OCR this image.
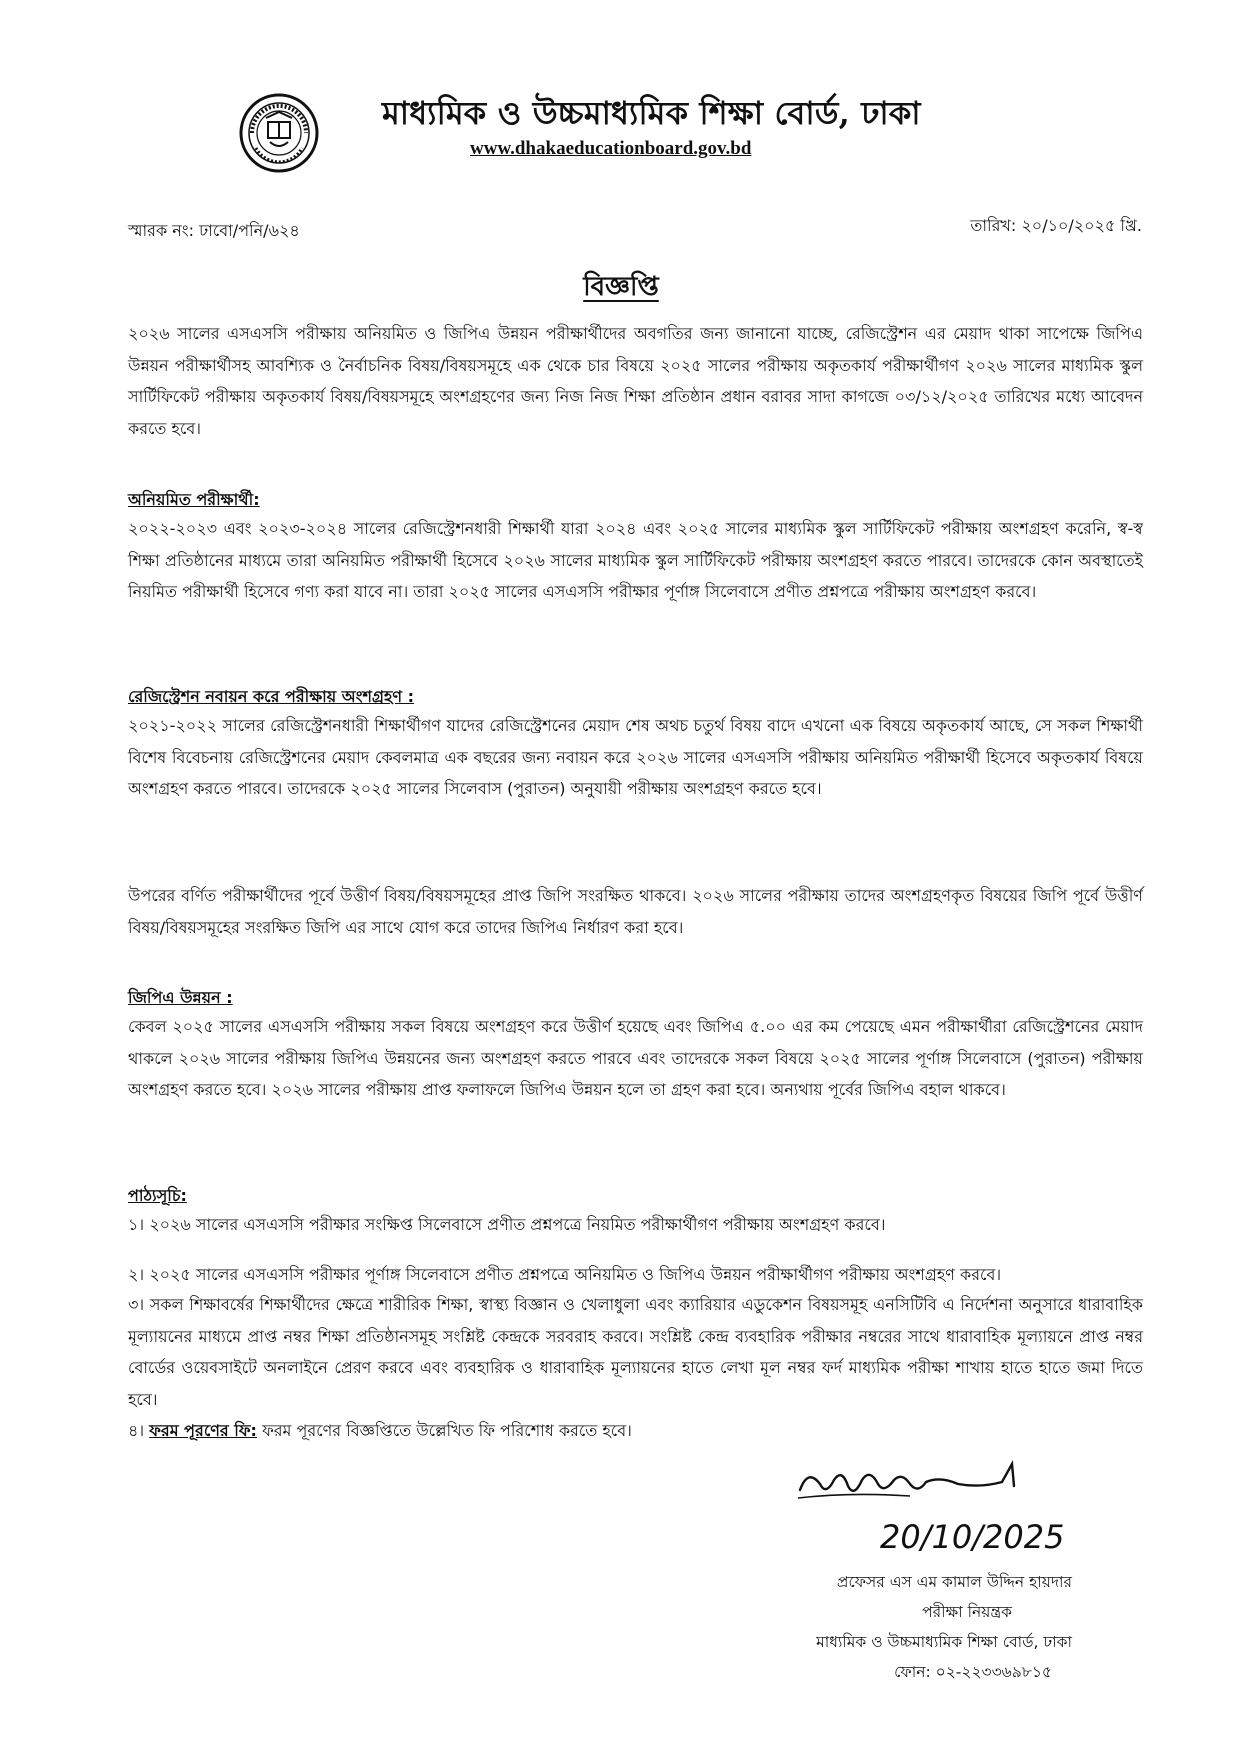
মাধ্যমিক ও উচ্চমাধ্যমিক শিক্ষা বোর্ড, ঢাকা
www.dhakaeducationboard.gov.bd
স্মারক নং: ঢাবো/পনি/৬২৪	তারিখ: ২০/১০/২০২৫ খ্রি.
বিজ্ঞপ্তি

২০২৬ সালের এসএসসি পরীক্ষায় অনিয়মিত ও জিপিএ উন্নয়ন পরীক্ষার্থীদের অবগতির জন্য জানানো যাচ্ছে, রেজিস্ট্রেশন এর মেয়াদ থাকা সাপেক্ষে জিপিএ উন্নয়ন পরীক্ষার্থীসহ আবশ্যিক ও নৈর্বাচনিক বিষয়/বিষয়সমূহে এক থেকে চার বিষয়ে ২০২৫ সালের পরীক্ষায় অকৃতকার্য পরীক্ষার্থীগণ ২০২৬ সালের মাধ্যমিক স্কুল সার্টিফিকেট পরীক্ষায় অকৃতকার্য বিষয়/বিষয়সমূহে অংশগ্রহণের জন্য নিজ নিজ শিক্ষা প্রতিষ্ঠান প্রধান বরাবর সাদা কাগজে ০৩/১২/২০২৫ তারিখের মধ্যে আবেদন করতে হবে।

অনিয়মিত পরীক্ষার্থী:

২০২২-২০২৩ এবং ২০২৩-২০২৪ সালের রেজিস্ট্রেশনধারী শিক্ষার্থী যারা ২০২৪ এবং ২০২৫ সালের মাধ্যমিক স্কুল সার্টিফিকেট পরীক্ষায় অংশগ্রহণ করেনি, স্ব-স্ব শিক্ষা প্রতিষ্ঠানের মাধ্যমে তারা অনিয়মিত পরীক্ষার্থী হিসেবে ২০২৬ সালের মাধ্যমিক স্কুল সার্টিফিকেট পরীক্ষায় অংশগ্রহণ করতে পারবে। তাদেরকে কোন অবস্থাতেই নিয়মিত পরীক্ষার্থী হিসেবে গণ্য করা যাবে না। তারা ২০২৫ সালের এসএসসি পরীক্ষার পূর্ণাঙ্গ সিলেবাসে প্রণীত প্রশ্নপত্রে পরীক্ষায় অংশগ্রহণ করবে।

রেজিস্ট্রেশন নবায়ন করে পরীক্ষায় অংশগ্রহণ :

২০২১-২০২২ সালের রেজিস্ট্রেশনধারী শিক্ষার্থীগণ যাদের রেজিস্ট্রেশনের মেয়াদ শেষ অথচ চতুর্থ বিষয় বাদে এখনো এক বিষয়ে অকৃতকার্য আছে, সে সকল শিক্ষার্থী বিশেষ বিবেচনায় রেজিস্ট্রেশনের মেয়াদ কেবলমাত্র এক বছরের জন্য নবায়ন করে ২০২৬ সালের এসএসসি পরীক্ষায় অনিয়মিত পরীক্ষার্থী হিসেবে অকৃতকার্য বিষয়ে অংশগ্রহণ করতে পারবে। তাদেরকে ২০২৫ সালের সিলেবাস (পুরাতন) অনুযায়ী পরীক্ষায় অংশগ্রহণ করতে হবে।

উপরের বর্ণিত পরীক্ষার্থীদের পূর্বে উত্তীর্ণ বিষয়/বিষয়সমূহের প্রাপ্ত জিপি সংরক্ষিত থাকবে। ২০২৬ সালের পরীক্ষায় তাদের অংশগ্রহণকৃত বিষয়ের জিপি পূর্বে উত্তীর্ণ বিষয়/বিষয়সমূহের সংরক্ষিত জিপি এর সাথে যোগ করে তাদের জিপিএ নির্ধারণ করা হবে।

জিপিএ উন্নয়ন :

কেবল ২০২৫ সালের এসএসসি পরীক্ষায় সকল বিষয়ে অংশগ্রহণ করে উত্তীর্ণ হয়েছে এবং জিপিএ ৫.০০ এর কম পেয়েছে এমন পরীক্ষার্থীরা রেজিস্ট্রেশনের মেয়াদ থাকলে ২০২৬ সালের পরীক্ষায় জিপিএ উন্নয়নের জন্য অংশগ্রহণ করতে পারবে এবং তাদেরকে সকল বিষয়ে ২০২৫ সালের পূর্ণাঙ্গ সিলেবাসে (পুরাতন) পরীক্ষায় অংশগ্রহণ করতে হবে। ২০২৬ সালের পরীক্ষায় প্রাপ্ত ফলাফলে জিপিএ উন্নয়ন হলে তা গ্রহণ করা হবে। অন্যথায় পূর্বের জিপিএ বহাল থাকবে।

পাঠ্যসূচি:

১। ২০২৬ সালের এসএসসি পরীক্ষার সংক্ষিপ্ত সিলেবাসে প্রণীত প্রশ্নপত্রে নিয়মিত পরীক্ষার্থীগণ পরীক্ষায় অংশগ্রহণ করবে।

২। ২০২৫ সালের এসএসসি পরীক্ষার পূর্ণাঙ্গ সিলেবাসে প্রণীত প্রশ্নপত্রে অনিয়মিত ও জিপিএ উন্নয়ন পরীক্ষার্থীগণ পরীক্ষায় অংশগ্রহণ করবে।

৩। সকল শিক্ষাবর্ষের শিক্ষার্থীদের ক্ষেত্রে শারীরিক শিক্ষা, স্বাস্থ্য বিজ্ঞান ও খেলাধুলা এবং ক্যারিয়ার এডুকেশন বিষয়সমূহ এনসিটিবি এ নির্দেশনা অনুসারে ধারাবাহিক মূল্যায়নের মাধ্যমে প্রাপ্ত নম্বর শিক্ষা প্রতিষ্ঠানসমূহ সংশ্লিষ্ট কেন্দ্রকে সরবরাহ করবে। সংশ্লিষ্ট কেন্দ্র ব্যবহারিক পরীক্ষার নম্বরের সাথে ধারাবাহিক মূল্যায়নে প্রাপ্ত নম্বর বোর্ডের ওয়েবসাইটে অনলাইনে প্রেরণ করবে এবং ব্যবহারিক ও ধারাবাহিক মূল্যায়নের হাতে লেখা মূল নম্বর ফর্দ মাধ্যমিক পরীক্ষা শাখায় হাতে হাতে জমা দিতে হবে।

৪। ফরম পূরণের ফি: ফরম পূরণের বিজ্ঞপ্তিতে উল্লেখিত ফি পরিশোধ করতে হবে।

20/10/2025
প্রফেসর এস এম কামাল উদ্দিন হায়দার
পরীক্ষা নিয়ন্ত্রক
মাধ্যমিক ও উচ্চমাধ্যমিক শিক্ষা বোর্ড, ঢাকা
ফোন: ০২-২২৩৩৬৯৮১৫
